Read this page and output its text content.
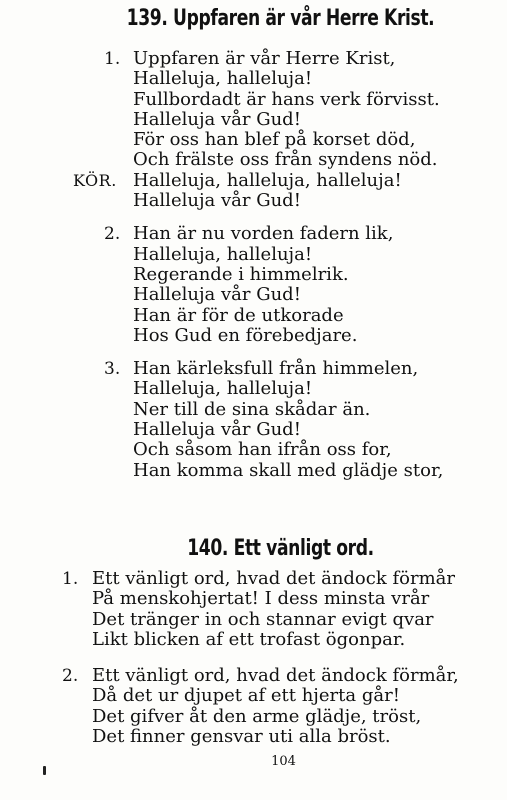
139. Uppfaren är vår Herre Krist.
1. Uppfaren är vår Herre Krist,
Halleluja, halleluja!
Fullbordadt är hans verk förvisst.
Halleluja vår Gud!
För oss han blef på korset död,
Och frälste oss från syndens nöd.
KÖR. Halleluja, halleluja, halleluja!
Halleluja vår Gud!
2. Han är nu vorden fadern lik,
Halleluja, halleluja!
Regerande i himmelrik.
Halleluja vår Gud!
Han är för de utkorade
Hos Gud en förebedjare.
3. Han kärleksfull från himmelen,
Halleluja, halleluja!
Ner till de sina skådar än.
Halleluja vår Gud!
Och såsom han ifrån oss for,
Han komma skall med glädje stor,
140. Ett vänligt ord.
1. Ett vänligt ord, hvad det ändock förmår
På menskohjertat! I dess minsta vrår
Det tränger in och stannar evigt qvar
Likt blicken af ett trofast ögonpar.
2. Ett vänligt ord, hvad det ändock förmår,
Då det ur djupet af ett hjerta går!
Det gifver åt den arme glädje, tröst,
Det finner gensvar uti alla bröst.
104
